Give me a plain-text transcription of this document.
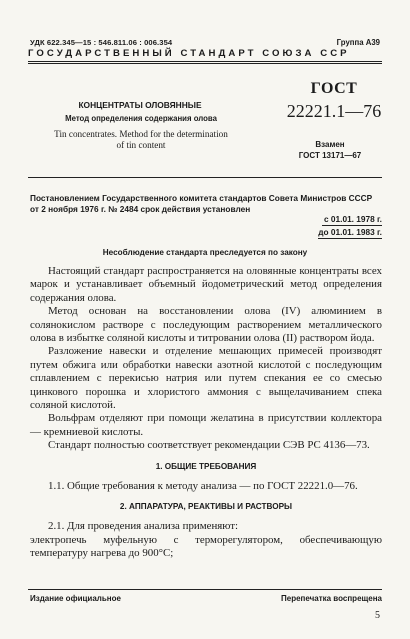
УДК 622.345—15 : 546.811.06 : 006.354	Группа А39
ГОСУДАРСТВЕННЫЙ СТАНДАРТ СОЮЗА ССР
КОНЦЕНТРАТЫ ОЛОВЯННЫЕ
Метод определения содержания олова
Tin concentrates. Method for the determination of tin content
ГОСТ
22221.1—76
Взамен
ГОСТ 13171—67
Постановлением Государственного комитета стандартов Совета Министров СССР от 2 ноября 1976 г. № 2484 срок действия установлен
с 01.01. 1978 г.
до 01.01. 1983 г.
Несоблюдение стандарта преследуется по закону

Настоящий стандарт распространяется на оловянные концентраты всех марок и устанавливает объемный йодометрический метод определения содержания олова.

Метод основан на восстановлении олова (IV) алюминием в солянокислом растворе с последующим растворением металлического олова в избытке соляной кислоты и титровании олова (II) раствором йода.

Разложение навески и отделение мешающих примесей производят путем обжига или обработки навески азотной кислотой с последующим сплавлением с перекисью натрия или путем спекания ее со смесью цинкового порошка и хлористого аммония с выщелачиванием спека соляной кислотой.

Вольфрам отделяют при помощи желатина в присутствии коллектора — кремниевой кислоты.

Стандарт полностью соответствует рекомендации СЭВ РС 4136—73.

1. ОБЩИЕ ТРЕБОВАНИЯ

1.1. Общие требования к методу анализа — по ГОСТ 22221.0—76.

2. АППАРАТУРА, РЕАКТИВЫ И РАСТВОРЫ

2.1. Для проведения анализа применяют:

электропечь муфельную с терморегулятором, обеспечивающую температуру нагрева до 900°C;

Издание официальное	Перепечатка воспрещена
5
